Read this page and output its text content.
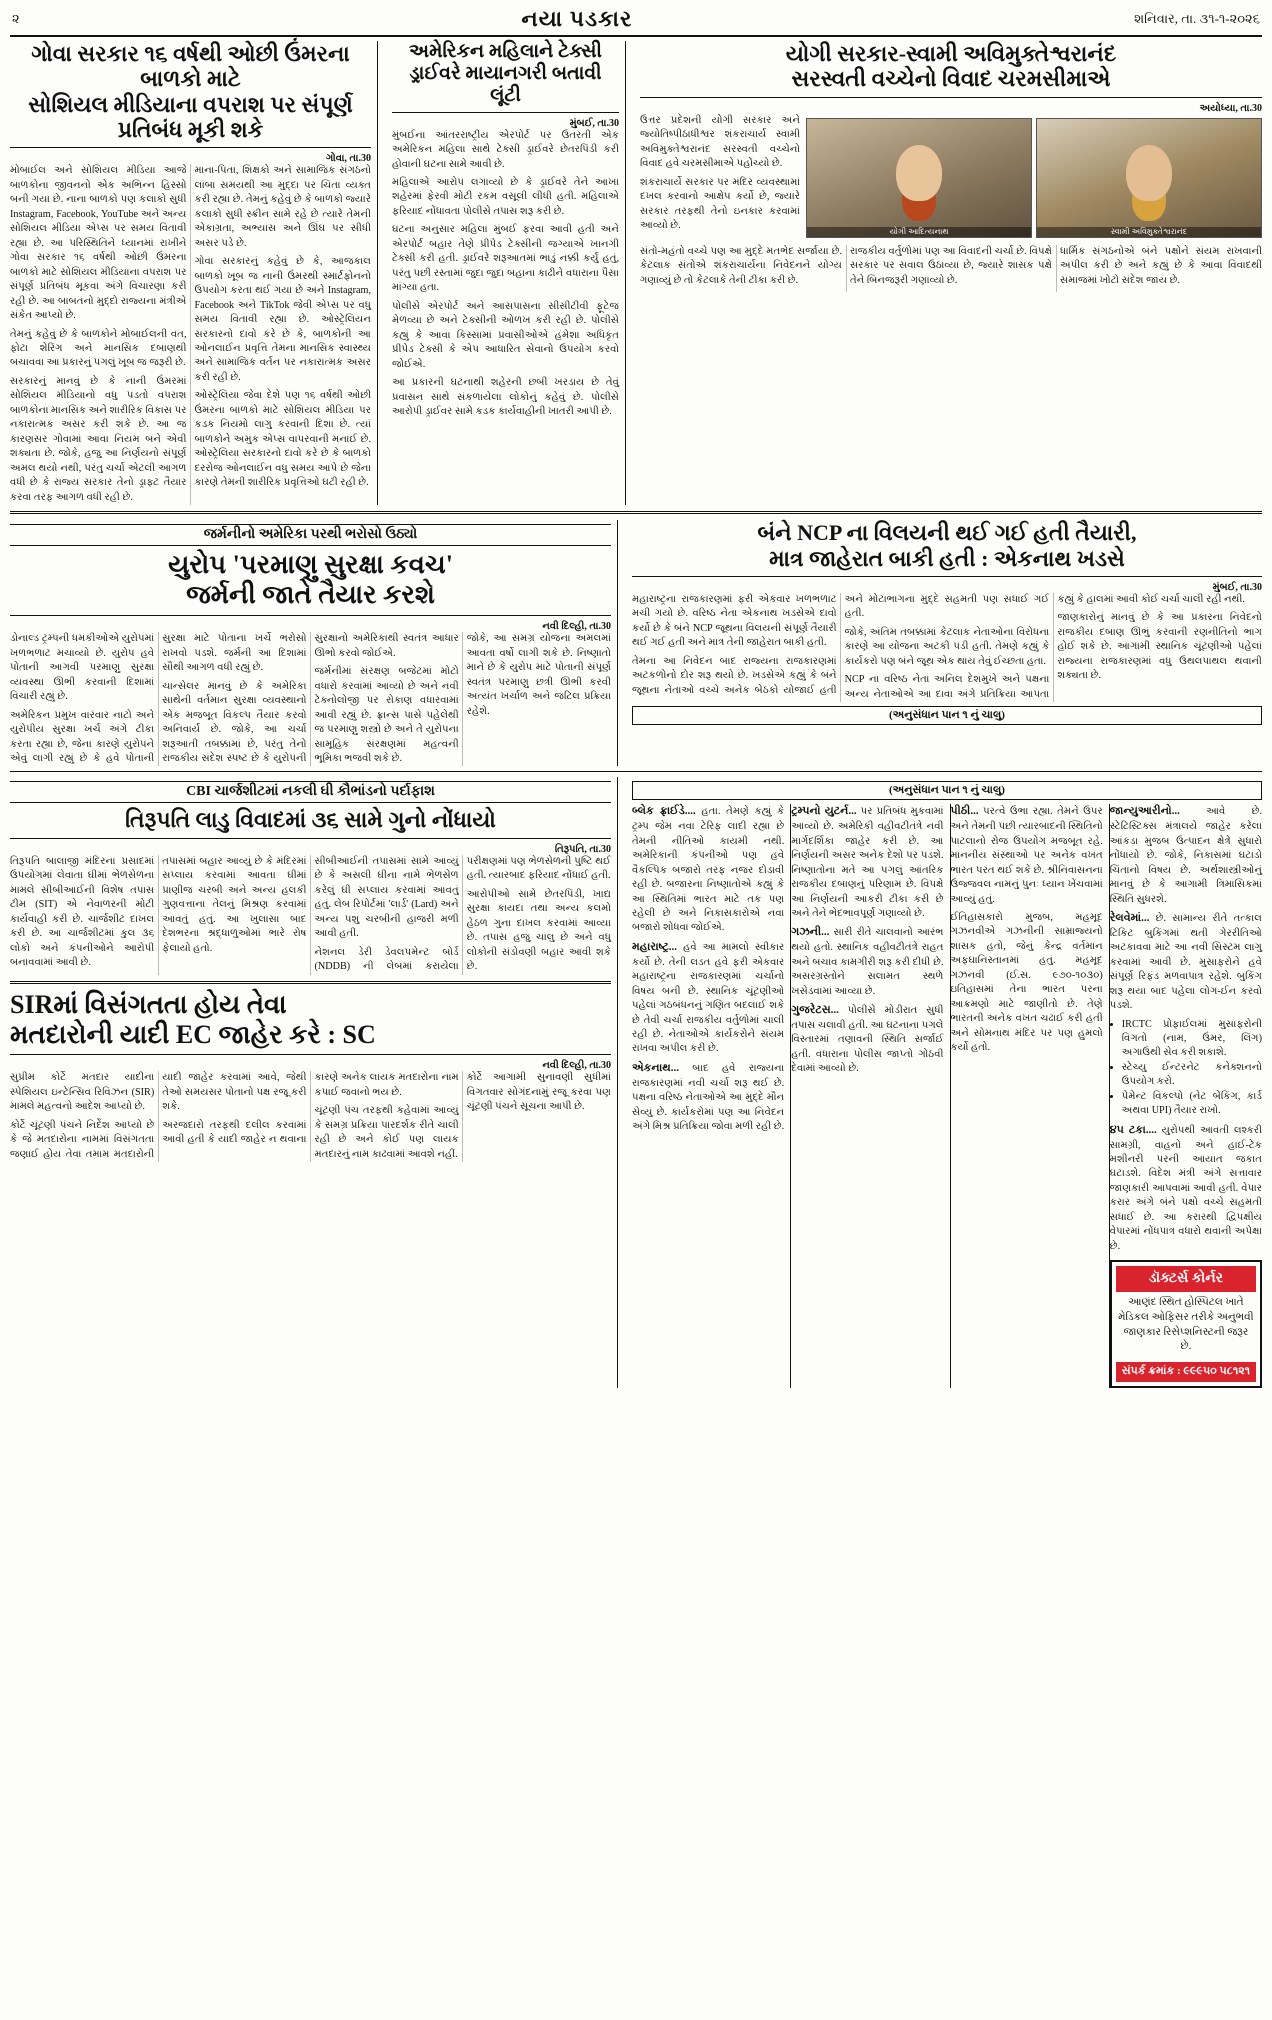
૨	નયા પડકાર	શનિવાર, તા. ૩૧-૧-૨૦૨૬
ગોવા સરકાર ૧૬ વર્ષથી ઓછી ઉંમરના બાળકો માટે
સોશિયલ મીડિયાના વપરાશ પર સંપૂર્ણ પ્રતિબંધ મૂકી શકે
ગોવા, તા.30

મોબાઈલ અને સોશિયલ મીડિયા આજે બાળકોના જીવનનો એક અભિન્ન હિસ્સો બની ગયા છે. નાના બાળકો પણ કલાકો સુધી Instagram, Facebook, YouTube અને અન્ય સોશિયલ મીડિયા એપ્સ પર સમય વિતાવી રહ્યા છે. આ પરિસ્થિતિને ધ્યાનમાં રાખીને ગોવા સરકાર ૧૬ વર્ષથી ઓછી ઉંમરના બાળકો માટે સોશિયલ મીડિયાના વપરાશ પર સંપૂર્ણ પ્રતિબંધ મૂકવા અંગે વિચારણા કરી રહી છે. આ બાબતનો મુદ્દો રાજ્યના મંત્રીએ સંકેત આપ્યો છે.

તેમનું કહેવું છે કે બાળકોને મોબાઈલની વત, ફોટા શેરિંગ અને માનસિક દબાણથી બચાવવા આ પ્રકારનું પગલું ખૂબ જ જરૂરી છે.

સરકારનું માનવું છે કે નાની ઉંમરમાં સોશિયલ મીડિયાનો વધુ પડતો વપરાશ બાળકોના માનસિક અને શારીરિક વિકાસ પર નકારાત્મક અસર કરી શકે છે. આ જ કારણસર ગોવામાં આવા નિયમ બને એવી શક્યતા છે. જોકે, હજુ આ નિર્ણયનો સંપૂર્ણ અમલ થયો નથી, પરંતુ ચર્ચા એટલી આગળ વધી છે કે રાજ્ય સરકાર તેનો ડ્રાફ્ટ તૈયાર કરવા તરફ આગળ વધી રહી છે.

માના-પિતા, શિક્ષકો અને સામાજિક સંગઠનો લાંબા સમયથી આ મુદ્દા પર ચિંતા વ્યક્ત કરી રહ્યા છે. તેમનું કહેવું છે કે બાળકો જ્યારે કલાકો સુધી સ્ક્રીન સામે રહે છે ત્યારે તેમની એકાગ્રતા, અભ્યાસ અને ઊંઘ પર સીધી અસર પડે છે.

ગોવા સરકારનું કહેવું છે કે, આજકાલ બાળકો ખૂબ જ નાની ઉંમરથી સ્માર્ટફોનનો ઉપયોગ કરતા થઈ ગયા છે અને Instagram, Facebook અને TikTok જેવી એપ્સ પર વધુ સમય વિતાવી રહ્યા છે. ઓસ્ટ્રેલિયન સરકારનો દાવો કરે છે કે, બાળકોની આ ઓનલાઈન પ્રવૃત્તિ તેમના માનસિક સ્વાસ્થ્ય અને સામાજિક વર્તન પર નકારાત્મક અસર કરી રહી છે.

ઓસ્ટ્રેલિયા જેવા દેશે પણ ૧૬ વર્ષથી ઓછી ઉંમરના બાળકો માટે સોશિયલ મીડિયા પર કડક નિયમો લાગુ કરવાની દિશા છે. ત્યાં બાળકોને અમુક એપ્સ વાપરવાની મનાઈ છે. ઓસ્ટ્રેલિયા સરકારનો દાવો કરે છે કે બાળકો દરરોજ ઓનલાઈન વધુ સમય આપે છે જેના કારણે તેમની શારીરિક પ્રવૃત્તિઓ ઘટી રહી છે.

અમેરિકન મહિલાને ટેક્સી
ડ્રાઈવરે માયાનગરી બતાવી લૂંટી
મુંબઈ, તા.30

મુંબઈના આંતરરાષ્ટ્રીય એરપોર્ટ પર ઉતરતી એક અમેરિકન મહિલા સાથે ટેક્સી ડ્રાઈવરે છેતરપિંડી કરી હોવાની ઘટના સામે આવી છે.

મહિલાએ આરોપ લગાવ્યો છે કે ડ્રાઈવરે તેને આખા શહેરમાં ફેરવી મોટી રકમ વસૂલી લીધી હતી. મહિલાએ ફરિયાદ નોંધાવતા પોલીસે તપાસ શરૂ કરી છે.

ઘટના અનુસાર મહિલા મુંબઈ ફરવા આવી હતી અને એરપોર્ટ બહાર તેણે પ્રીપેડ ટેક્સીની જગ્યાએ ખાનગી ટેક્સી કરી હતી. ડ્રાઈવરે શરૂઆતમાં ભાડું નક્કી કર્યું હતું, પરંતુ પછી રસ્તામાં જુદા જુદા બહાના કાઢીને વધારાના પૈસા માંગ્યા હતા.

પોલીસે એરપોર્ટ અને આસપાસના સીસીટીવી ફૂટેજ મેળવ્યા છે અને ટેક્સીની ઓળખ કરી રહી છે. પોલીસે કહ્યું કે આવા કિસ્સામાં પ્રવાસીઓએ હંમેશા અધિકૃત પ્રીપેડ ટેક્સી કે એપ આધારિત સેવાનો ઉપયોગ કરવો જોઈએ.

આ પ્રકારની ઘટનાથી શહેરની છબી ખરડાય છે તેવું પ્રવાસન સાથે સંકળાયેલા લોકોનું કહેવું છે. પોલીસે આરોપી ડ્રાઈવર સામે કડક કાર્યવાહીની ખાતરી આપી છે.

યોગી સરકાર-સ્વામી અવિમુક્તેશ્વરાનંદ
સરસ્વતી વચ્ચેનો વિવાદ ચરમસીમાએ
અયોધ્યા, તા.30

ઉત્તર પ્રદેશની યોગી સરકાર અને જ્યોતિષ્પીઠાધીશ્વર શંકરાચાર્ય સ્વામી અવિમુક્તેશ્વરાનંદ સરસ્વતી વચ્ચેનો વિવાદ હવે ચરમસીમાએ પહોંચ્યો છે.

શંકરાચાર્યે સરકાર પર મંદિર વ્યવસ્થામાં દખલ કરવાનો આક્ષેપ કર્યો છે, જ્યારે સરકાર તરફથી તેનો ઇનકાર કરવામાં આવ્યો છે.

યોગી આદિત્યનાથ	સ્વામી અવિમુક્તેશ્વરાનંદ

સંતો-મહંતો વચ્ચે પણ આ મુદ્દે મતભેદ સર્જાયા છે. કેટલાક સંતોએ શંકરાચાર્યના નિવેદનને યોગ્ય ગણાવ્યું છે તો કેટલાકે તેની ટીકા કરી છે.

રાજકીય વર્તુળોમાં પણ આ વિવાદની ચર્ચા છે. વિપક્ષે સરકાર પર સવાલ ઉઠાવ્યા છે, જ્યારે શાસક પક્ષે તેને બિનજરૂરી ગણાવ્યો છે.

ધાર્મિક સંગઠનોએ બંને પક્ષોને સંયમ રાખવાની અપીલ કરી છે અને કહ્યું છે કે આવા વિવાદથી સમાજમાં ખોટો સંદેશ જાય છે.

જર્મનીનો અમેરિકા પરથી ભરોસો ઉઠ્યો
યુરોપ 'પરમાણુ સુરક્ષા કવચ'
જર્મની જાતે તૈયાર કરશે
નવી દિલ્હી, તા.30

ડોનાલ્ડ ટ્રમ્પની ધમકીઓએ યુરોપમાં ખળભળાટ મચાવ્યો છે. યુરોપ હવે પોતાની આગવી પરમાણુ સુરક્ષા વ્યવસ્થા ઊભી કરવાની દિશામાં વિચારી રહ્યું છે.

અમેરિકન પ્રમુખ વારંવાર નાટો અને યુરોપીય સુરક્ષા ખર્ચ અંગે ટીકા કરતા રહ્યા છે, જેના કારણે યુરોપને એવું લાગી રહ્યું છે કે હવે પોતાની સુરક્ષા માટે પોતાના ખર્ચે ભરોસો રાખવો પડશે. જર્મની આ દિશામાં સૌથી આગળ વધી રહ્યું છે.

ચાન્સેલર માનવું છે કે અમેરિકા સાથેની વર્તમાન સુરક્ષા વ્યવસ્થાનો એક મજબૂત વિકલ્પ તૈયાર કરવો અનિવાર્ય છે. જોકે, આ ચર્ચા શરૂઆતી તબક્કામાં છે, પરંતુ તેનો રાજકીય સંદેશ સ્પષ્ટ છે કે યુરોપની સુરક્ષાનો અમેરિકાથી સ્વતંત્ર આધાર ઊભો કરવો જોઈએ.

જર્મનીમાં સંરક્ષણ બજેટમાં મોટો વધારો કરવામાં આવ્યો છે અને નવી ટેક્નોલોજી પર રોકાણ વધારવામાં આવી રહ્યું છે. ફ્રાન્સ પાસે પહેલેથી જ પરમાણુ શસ્ત્રો છે અને તે યુરોપના સામૂહિક સંરક્ષણમાં મહત્વની ભૂમિકા ભજવી શકે છે.

જોકે, આ સમગ્ર યોજના અમલમાં આવતા વર્ષો લાગી શકે છે. નિષ્ણાતો માને છે કે યુરોપ માટે પોતાની સંપૂર્ણ સ્વતંત્ર પરમાણુ છત્રી ઊભી કરવી અત્યંત ખર્ચાળ અને જટિલ પ્રક્રિયા રહેશે.

બંને NCP ના વિલયની થઈ ગઈ હતી તૈયારી,
માત્ર જાહેરાત બાકી હતી : એકનાથ ખડસે
મુંબઈ, તા.30

મહારાષ્ટ્રના રાજકારણમાં ફરી એકવાર ખળભળાટ મચી ગયો છે. વરિષ્ઠ નેતા એકનાથ ખડસેએ દાવો કર્યો છે કે બંને NCP જૂથના વિલયની સંપૂર્ણ તૈયારી થઈ ગઈ હતી અને માત્ર તેની જાહેરાત બાકી હતી.

તેમના આ નિવેદન બાદ રાજ્યના રાજકારણમાં અટકળોનો દોર શરૂ થયો છે. ખડસેએ કહ્યું કે બંને જૂથના નેતાઓ વચ્ચે અનેક બેઠકો યોજાઈ હતી અને મોટાભાગના મુદ્દે સહમતી પણ સધાઈ ગઈ હતી.

જોકે, અંતિમ તબક્કામાં કેટલાક નેતાઓના વિરોધના કારણે આ યોજના અટકી પડી હતી. તેમણે કહ્યું કે કાર્યકરો પણ બંને જૂથ એક થાય તેવું ઈચ્છતા હતા.

NCP ના વરિષ્ઠ નેતા અનિલ દેશમુખે અને પક્ષના અન્ય નેતાઓએ આ દાવા અંગે પ્રતિક્રિયા આપતા કહ્યું કે હાલમાં આવી કોઈ ચર્ચા ચાલી રહી નથી.

જાણકારોનું માનવું છે કે આ પ્રકારના નિવેદનો રાજકીય દબાણ ઊભું કરવાની રણનીતિનો ભાગ હોઈ શકે છે. આગામી સ્થાનિક ચૂંટણીઓ પહેલાં રાજ્યના રાજકારણમાં વધુ ઉથલપાથલ થવાની શક્યતા છે.

(અનુસંધાન પાન ૧ નું ચાલુ)
CBI ચાર્જશીટમાં નકલી ઘી કૌભાંડનો પર્દાફાશ
તિરૂપતિ લાડુ વિવાદમાં ૩૬ સામે ગુનો નોંધાયો
તિરૂપતિ, તા.30

તિરૂપતિ બાલાજી મંદિરના પ્રસાદમાં ઉપયોગમાં લેવાતા ઘીમાં ભેળસેળના મામલે સીબીઆઈની વિશેષ તપાસ ટીમ (SIT) એ નેવાળરની મોટી કાર્યવાહી કરી છે. ચાર્જશીટ દાખલ કરી છે. આ ચાર્જશીટમાં કુલ ૩૬ લોકો અને કંપનીઓને આરોપી બનાવવામાં આવી છે.

તપાસમાં બહાર આવ્યું છે કે મંદિરમાં સપ્લાય કરવામાં આવતા ઘીમાં પ્રાણીજ ચરબી અને અન્ય હલકી ગુણવત્તાના તેલનું મિશ્રણ કરવામાં આવતું હતું. આ ખુલાસા બાદ દેશભરના શ્રદ્ધાળુઓમાં ભારે રોષ ફેલાયો હતો.

સીબીઆઈની તપાસમાં સામે આવ્યું છે કે અસલી ઘીના નામે ભેળસેળ કરેલું ઘી સપ્લાય કરવામાં આવતું હતું. લેબ રિપોર્ટમાં 'લાર્ડ' (Lard) અને અન્ય પશુ ચરબીની હાજરી મળી આવી હતી.

નેશનલ ડેરી ડેવલપમેન્ટ બોર્ડ (NDDB) ની લેબમાં કરાયેલા પરીક્ષણમાં પણ ભેળસેળની પુષ્ટિ થઈ હતી. ત્યારબાદ ફરિયાદ નોંધાઈ હતી.

આરોપીઓ સામે છેતરપિંડી, ખાદ્ય સુરક્ષા કાયદા તથા અન્ય કલમો હેઠળ ગુના દાખલ કરવામાં આવ્યા છે. તપાસ હજુ ચાલુ છે અને વધુ લોકોની સંડોવણી બહાર આવી શકે છે.

SIRમાં વિસંગતતા હોય તેવા
મતદારોની યાદી EC જાહેર કરે : SC
નવી દિલ્હી, તા.30

સુપ્રીમ કોર્ટે મતદાર યાદીના સ્પેશિયલ ઇન્ટેન્સિવ રિવિઝન (SIR) મામલે મહત્વનો આદેશ આપ્યો છે.

કોર્ટે ચૂંટણી પંચને નિર્દેશ આપ્યો છે કે જે મતદારોના નામમાં વિસંગતતા જણાઈ હોય તેવા તમામ મતદારોની યાદી જાહેર કરવામાં આવે, જેથી તેઓ સમયસર પોતાનો પક્ષ રજૂ કરી શકે.

અરજદારો તરફથી દલીલ કરવામાં આવી હતી કે યાદી જાહેર ન થવાના કારણે અનેક લાયક મતદારોના નામ કપાઈ જવાનો ભય છે.

ચૂંટણી પંચ તરફથી કહેવામાં આવ્યું કે સમગ્ર પ્રક્રિયા પારદર્શક રીતે ચાલી રહી છે અને કોઈ પણ લાયક મતદારનું નામ કાઢવામાં આવશે નહીં.

કોર્ટે આગામી સુનાવણી સુધીમાં વિગતવાર સોગંદનામું રજૂ કરવા પણ ચૂંટણી પંચને સૂચના આપી છે.

(અનુસંધાન પાન ૧ નું ચાલુ)

બ્લેક ફ્રાઈડે.... હતા. તેમણે કહ્યું કે ટ્રમ્પ જેમ નવા ટેરિફ લાદી રહ્યા છે તેમની નીતિઓ કાયમી નથી. અમેરિકાની કંપનીઓ પણ હવે વૈકલ્પિક બજારો તરફ નજર દોડાવી રહી છે. બજારના નિષ્ણાતોએ કહ્યું કે આ સ્થિતિમાં ભારત માટે તક પણ રહેલી છે અને નિકાસકારોએ નવા બજારો શોધવા જોઈએ.

મહારાષ્ટ્ર... હવે આ મામલો સ્વીકાર કર્યો છે. તેની લડત હવે ફરી એકવાર મહારાષ્ટ્રના રાજકારણમાં ચર્ચાનો વિષય બની છે. સ્થાનિક ચૂંટણીઓ પહેલાં ગઠબંધનનું ગણિત બદલાઈ શકે છે તેવી ચર્ચા રાજકીય વર્તુળોમાં ચાલી રહી છે. નેતાઓએ કાર્યકરોને સંયમ રાખવા અપીલ કરી છે.

એકનાથ... બાદ હવે રાજ્યના રાજકારણમાં નવી ચર્ચા શરૂ થઈ છે. પક્ષના વરિષ્ઠ નેતાઓએ આ મુદ્દે મૌન સેવ્યું છે. કાર્યકરોમાં પણ આ નિવેદન અંગે મિશ્ર પ્રતિક્રિયા જોવા મળી રહી છે.

ટ્રમ્પનો યુટર્ન... પર પ્રતિબંધ મુકવામાં આવ્યો છે. અમેરિકી વહીવટીતંત્રે નવી માર્ગદર્શિકા જાહેર કરી છે. આ નિર્ણયની અસર અનેક દેશો પર પડશે. નિષ્ણાતોના મતે આ પગલું આંતરિક રાજકીય દબાણનું પરિણામ છે. વિપક્ષે આ નિર્ણયની આકરી ટીકા કરી છે અને તેને ભેદભાવપૂર્ણ ગણાવ્યો છે.

ગઝની... સારી રીતે ચાલવાનો આરંભ થયો હતો. સ્થાનિક વહીવટીતંત્રે રાહત અને બચાવ કામગીરી શરૂ કરી દીધી છે. અસરગ્રસ્તોને સલામત સ્થળે ખસેડવામાં આવ્યા છે.

ગુજરેટસ... પોલીસે મોડીરાત સુધી તપાસ ચલાવી હતી. આ ઘટનાના પગલે વિસ્તારમાં તણાવની સ્થિતિ સર્જાઈ હતી. વધારાના પોલીસ જાપ્તો ગોઠવી દેવામાં આવ્યો છે.

પીઠી... પરત્વે ઉભા રહ્યા. તેમને ઉપર અને તેમની પછી ત્યારબાદની સ્થિતિનો પાટલાનો રોજ ઉપયોગ મજબૂત રહે. માનનીય સંસ્થાઓ પર અનેક વખત ભારત પરત થઈ શકે છે. શ્રીનિવાસનના ઉજ્જવલ નામનું પુનઃ ધ્યાન ખેંચવામાં આવ્યું હતું.

ઈતિહાસકારો મુજબ, મહમૂદ ગઝનવીએ ગઝનીની સામ્રાજ્યનો શાસક હતો, જેનું કેન્દ્ર વર્તમાન અફઘાનિસ્તાનમાં હતું. મહમૂદ ગઝનવી (ઈ.સ. ૯૭૦-૧૦૩૦) ઇતિહાસમાં તેના ભારત પરના આક્રમણો માટે જાણીતો છે. તેણે ભારતની અનેક વખત ચઢાઈ કરી હતી અને સોમનાથ મંદિર પર પણ હુમલો કર્યો હતો.

જાન્યુઆરીનો...	આવે છે. સ્ટેટિસ્ટિક્સ મંત્રાલયે જાહેર કરેલા આંકડા મુજબ ઉત્પાદન ક્ષેત્રે સુધારો નોંધાયો છે. જોકે, નિકાસમાં ઘટાડો ચિંતાનો વિષય છે. અર્થશાસ્ત્રીઓનું માનવું છે કે આગામી ત્રિમાસિકમાં સ્થિતિ સુધરશે.

રેલવેમાં... છે. સામાન્ય રીતે તત્કાલ ટિકિટ બુકિંગમાં થતી ગેરરીતિઓ અટકાવવા માટે આ નવી સિસ્ટમ લાગુ કરવામાં આવી છે. મુસાફરોને હવે સંપૂર્ણ રિફંડ મળવાપાત્ર રહેશે. બુકિંગ શરૂ થયા બાદ પહેલા લોગ-ઈન કરવો પડશે.

• IRCTC પ્રોફાઈલમાં મુસાફરોની વિગતો (નામ, ઉંમર, લિંગ) અગાઉથી સેવ કરી શકાશે.
• સ્ટેચ્યુ ઈન્ટરનેટ કનેક્શનનો ઉપયોગ કરો.
• પેમેન્ટ વિકલ્પો (નેટ બેંકિંગ, કાર્ડ અથવા UPI) તૈયાર રાખો.

૪૫ ટકા.... યુરોપથી આવતી લશ્કરી સામગ્રી, વાહનો અને હાઈ-ટેક મશીનરી પરની આયાત જકાત ઘટાડશે. વિદેશ મંત્રી અંગે સત્તાવાર જાણકારી આપવામાં આવી હતી. વેપાર કરાર અંગે બંને પક્ષો વચ્ચે સહમતી સધાઈ છે. આ કરારથી દ્વિપક્ષીય વેપારમાં નોંધપાત્ર વધારો થવાની અપેક્ષા છે.

ડૉક્ટર્સ કોર્નર
આણંદ સ્થિત હોસ્પિટલ ખાતે મેડિકલ ઓફિસર તરીકે અનુભવી જાણકાર રિસેપ્શનિસ્ટની જરૂર છે.
સંપર્ક ક્રમાંક : ૯૯૯૫૦ ૫૮૧૨૧
